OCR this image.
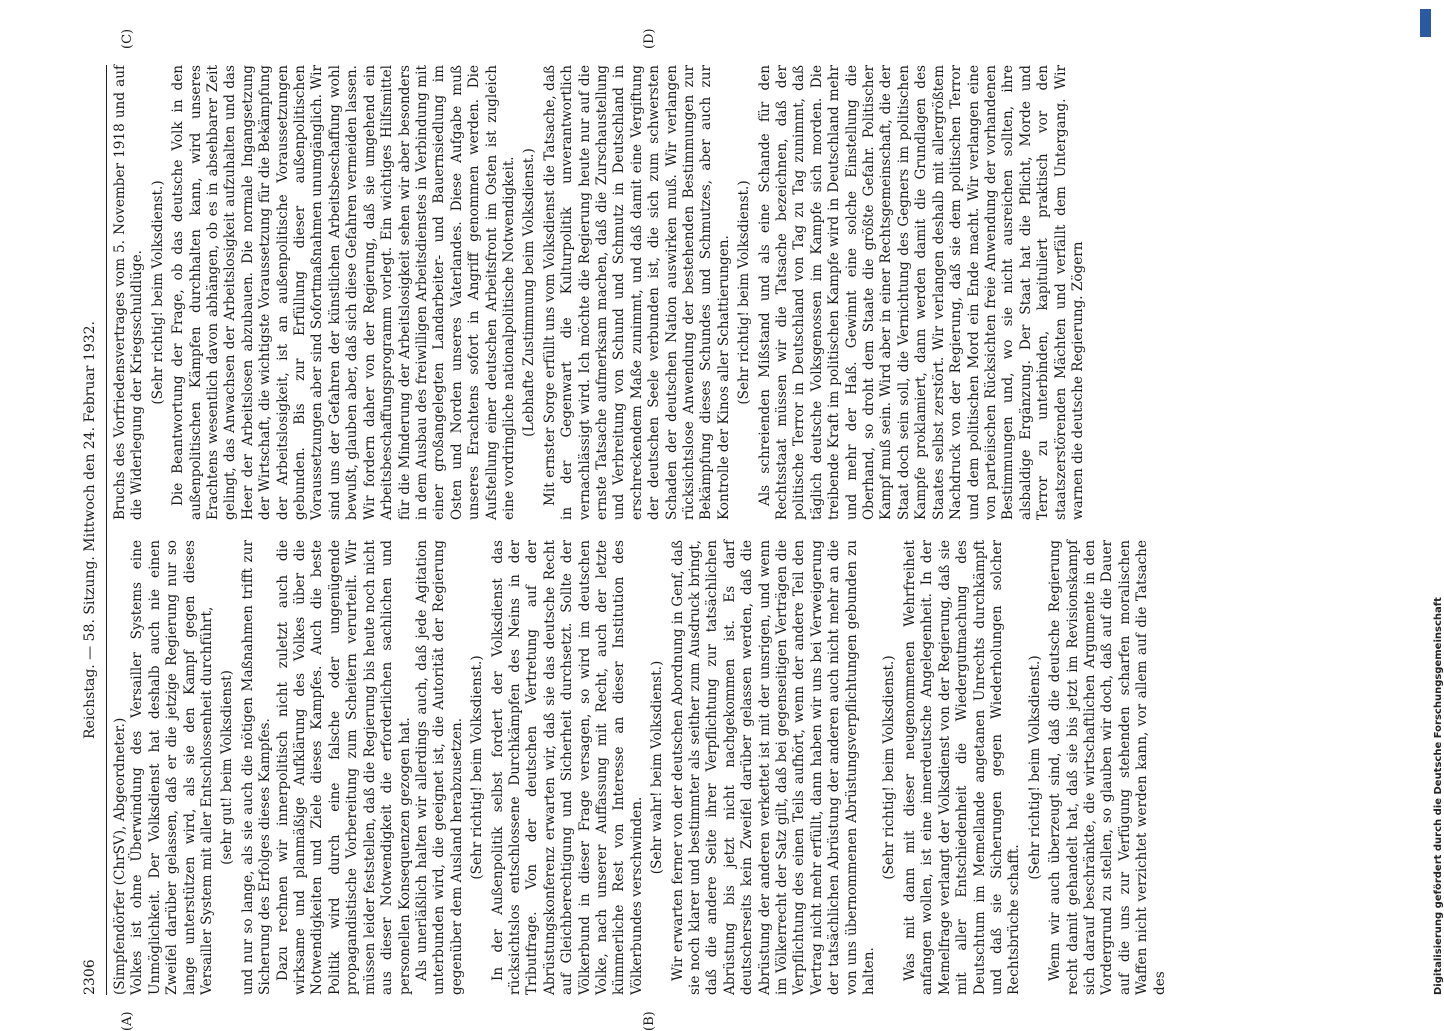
2306
Reichstag. — 58. Sitzung. Mittwoch den 24. Februar 1932.

(Simpfendörfer (ChrSV), Abgeordneter.) Volkes ist ohne Überwindung des Versailler Systems eine Unmöglichkeit. Der Volksdienst hat deshalb auch nie einen Zweifel darüber gelassen, daß er die jetzige Regierung nur so lange unterstützen wird, als sie den Kampf gegen dieses Versailler System mit aller Entschlossenheit durchführt, (sehr gut! beim Volksdienst) und nur so lange, als sie auch die nötigen Maßnahmen trifft zur Sicherung des Erfolges dieses Kampfes. Dazu rechnen wir innerpolitisch nicht zuletzt auch die wirksame und planmäßige Aufklärung des Volkes über die Notwendigkeiten und Ziele dieses Kampfes. Auch die beste Politik wird durch eine falsche oder ungenügende propagandistische Vorbereitung zum Scheitern verurteilt. Wir müssen leider feststellen, daß die Regierung bis heute noch nicht aus dieser Notwendigkeit die erforderlichen sachlichen und personellen Konsequenzen gezogen hat. Als unerläßlich halten wir allerdings auch, daß jede Agitation unterbunden wird, die geeignet ist, die Autorität der Regierung gegenüber dem Ausland herabzusetzen. (Sehr richtig! beim Volksdienst.) In der Außenpolitik selbst fordert der Volksdienst das rücksichtslos entschlossene Durchkämpfen des Neins in der Tributfrage. Von der deutschen Vertretung auf der Abrüstungskonferenz erwarten wir, daß sie das deutsche Recht auf Gleichberechtigung und Sicherheit durchsetzt. Sollte der Völkerbund in dieser Frage versagen, so wird im deutschen Volke, nach unserer Auffassung mit Recht, auch der letzte kümmerliche Rest von Interesse an dieser Institution des Völkerbundes verschwinden.

(Sehr wahr! beim Volksdienst.) Wir erwarten ferner von der deutschen Abordnung in Genf, daß sie noch klarer und bestimmter als seither zum Ausdruck bringt, daß die andere Seite ihrer Verpflichtung zur tatsächlichen Abrüstung bis jetzt nicht nachgekommen ist. Es darf deutscherseits kein Zweifel darüber gelassen werden, daß die Abrüstung der anderen verkettet ist mit der unsrigen, und wenn im Völkerrecht der Satz gilt, daß bei gegenseitigen Verträgen die Verpflichtung des einen Teils aufhört, wenn der andere Teil den Vertrag nicht mehr erfüllt, dann haben wir uns bei Verweigerung der tatsächlichen Abrüstung der anderen auch nicht mehr an die von uns übernommenen Abrüstungsverpflichtungen gebunden zu halten.

(Sehr richtig! beim Volksdienst.) Was mit dann mit dieser neugenommenen Wehrfreiheit anfangen wollen, ist eine innerdeutsche Angelegenheit. In der Memelfrage verlangt der Volksdienst von der Regierung, daß sie mit aller Entschiedenheit die Wiedergutmachung des Deutschtum im Memellande angetanen Unrechts durchkämpft und daß sie Sicherungen gegen Wiederholungen solcher Rechtsbrüche schafft.

(Sehr richtig! beim Volksdienst.) Wenn wir auch überzeugt sind, daß die deutsche Regierung recht damit gehandelt hat, daß sie bis jetzt im Revisionskampf sich darauf beschränkte, die wirtschaftlichen Argumente in den Vordergrund zu stellen, so glauben wir doch, daß auf die Dauer auf die uns zur Verfügung stehenden scharfen moralischen Waffen nicht verzichtet werden kann, vor allem auf die Tatsache des

Bruchs des Vorfriedensvertrages vom 5. November 1918 und auf die Widerlegung der Kriegsschuldlüge. (Sehr richtig! beim Volksdienst.) Die Beantwortung der Frage, ob das deutsche Volk in den außenpolitischen Kämpfen durchhalten kann, wird unseres Erachtens wesentlich davon abhängen, ob es in absehbarer Zeit gelingt, das Anwachsen der Arbeitslosigkeit aufzuhalten und das Heer der Arbeitslosen abzubauen. Die normale Ingangsetzung der Wirtschaft, die wichtigste Voraussetzung für die Bekämpfung der Arbeitslosigkeit, ist an außenpolitische Voraussetzungen gebunden. Bis zur Erfüllung dieser außenpolitischen Voraussetzungen aber sind Sofortmaßnahmen unumgänglich. Wir sind uns der Gefahren der künstlichen Arbeitsbeschaffung wohl bewußt, glauben aber, daß sich diese Gefahren vermeiden lassen. Wir fordern daher von der Regierung, daß sie umgehend ein Arbeitsbeschaffungsprogramm vorlegt. Ein wichtiges Hilfsmittel für die Minderung der Arbeitslosigkeit sehen wir aber besonders in dem Ausbau des freiwilligen Arbeitsdienstes in Verbindung mit einer großangelegten Landarbeiter- und Bauernsiedlung im Osten und Norden unseres Vaterlandes. Diese Aufgabe muß unseres Erachtens sofort in Angriff genommen werden. Die Aufstellung einer deutschen Arbeitsfront im Osten ist zugleich eine vordringliche nationalpolitische Notwendigkeit. (Lebhafte Zustimmung beim Volksdienst.) Mit ernster Sorge erfüllt uns vom Volksdienst die Tatsache, daß in der Gegenwart die Kulturpolitik unverantwortlich vernachlässigt wird. Ich möchte die Regierung heute nur auf die ernste Tatsache aufmerksam machen, daß die Zurschaustellung und Verbreitung von Schund und Schmutz in Deutschland in erschreckendem Maße zunimmt, und daß damit eine Vergiftung der deutschen Seele verbunden ist, die sich zum schwersten Schaden der deutschen Nation auswirken muß. Wir verlangen rücksichtslose Anwendung der bestehenden Bestimmungen zur Bekämpfung dieses Schundes und Schmutzes, aber auch zur Kontrolle der Kinos aller Schattierungen. (Sehr richtig! beim Volksdienst.) Als schreienden Mißstand und als eine Schande für den Rechtsstaat müssen wir die Tatsache bezeichnen, daß der politische Terror in Deutschland von Tag zu Tag zunimmt, daß täglich deutsche Volksgenossen im Kampfe sich morden. Die treibende Kraft im politischen Kampfe wird in Deutschland mehr und mehr der Haß. Gewinnt eine solche Einstellung die Oberhand, so droht dem Staate die größte Gefahr. Politischer Kampf muß sein. Wird aber in einer Rechtsgemeinschaft, die der Staat doch sein soll, die Vernichtung des Gegners im politischen Kampfe proklamiert, dann werden damit die Grundlagen des Staates selbst zerstört. Wir verlangen deshalb mit allergrößtem Nachdruck von der Regierung, daß sie dem politischen Terror und dem politischen Mord ein Ende macht. Wir verlangen eine von parteiischen Rücksichten freie Anwendung der vorhandenen Bestimmungen und, wo sie nicht ausreichen sollten, ihre alsbaldige Ergänzung. Der Staat hat die Pflicht, Morde und Terror zu unterbinden, kapituliert praktisch vor den staatszerstörenden Mächten und verfällt dem Untergang. Wir warnen die deutsche Regierung. Zögern

(A)	(B)
(C)	(D)
Digitalisierung gefördert durch die Deutsche Forschungsgemeinschaft
